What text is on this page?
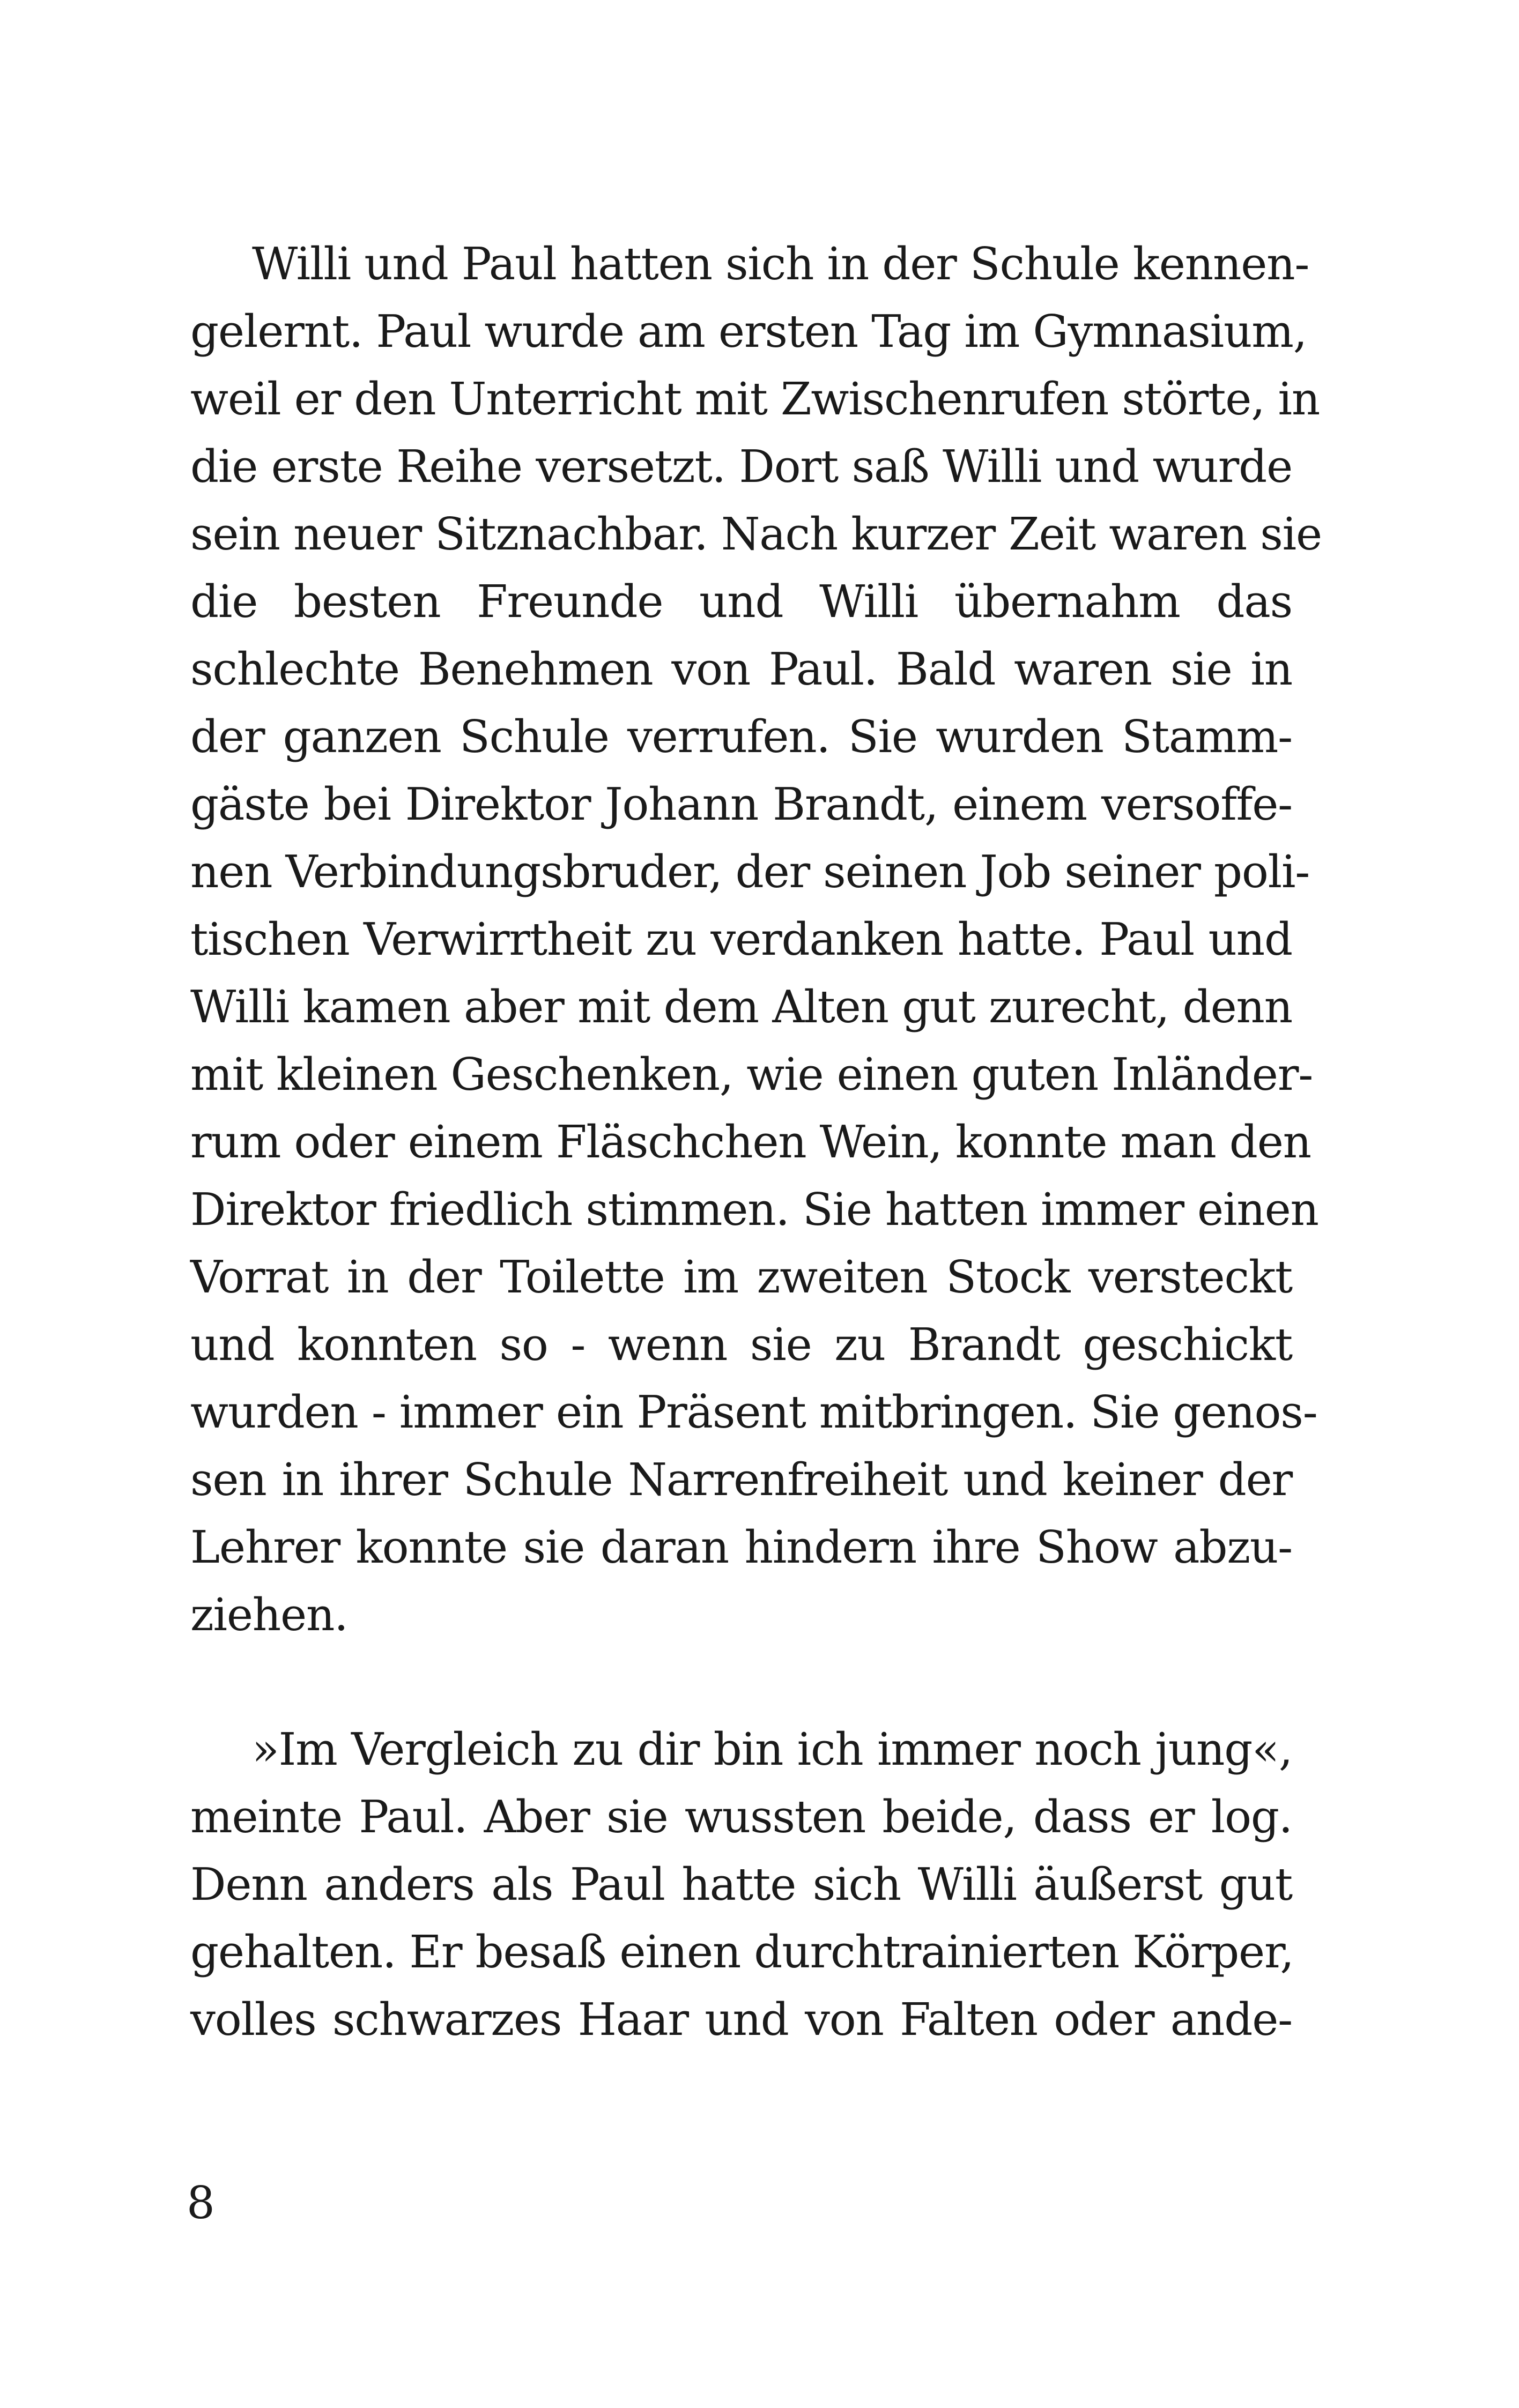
Willi und Paul hatten sich in der Schule kennen-
gelernt. Paul wurde am ersten Tag im Gymnasium,
weil er den Unterricht mit Zwischenrufen störte, in
die erste Reihe versetzt. Dort saß Willi und wurde
sein neuer Sitznachbar. Nach kurzer Zeit waren sie
die besten Freunde und Willi übernahm das
schlechte Benehmen von Paul. Bald waren sie in
der ganzen Schule verrufen. Sie wurden Stamm-
gäste bei Direktor Johann Brandt, einem versoffe-
nen Verbindungsbruder, der seinen Job seiner poli-
tischen Verwirrtheit zu verdanken hatte. Paul und
Willi kamen aber mit dem Alten gut zurecht, denn
mit kleinen Geschenken, wie einen guten Inländer-
rum oder einem Fläschchen Wein, konnte man den
Direktor friedlich stimmen. Sie hatten immer einen
Vorrat in der Toilette im zweiten Stock versteckt
und konnten so - wenn sie zu Brandt geschickt
wurden - immer ein Präsent mitbringen. Sie genos-
sen in ihrer Schule Narrenfreiheit und keiner der
Lehrer konnte sie daran hindern ihre Show abzu-
ziehen.
»Im Vergleich zu dir bin ich immer noch jung«,
meinte Paul. Aber sie wussten beide, dass er log.
Denn anders als Paul hatte sich Willi äußerst gut
gehalten. Er besaß einen durchtrainierten Körper,
volles schwarzes Haar und von Falten oder ande-
8
